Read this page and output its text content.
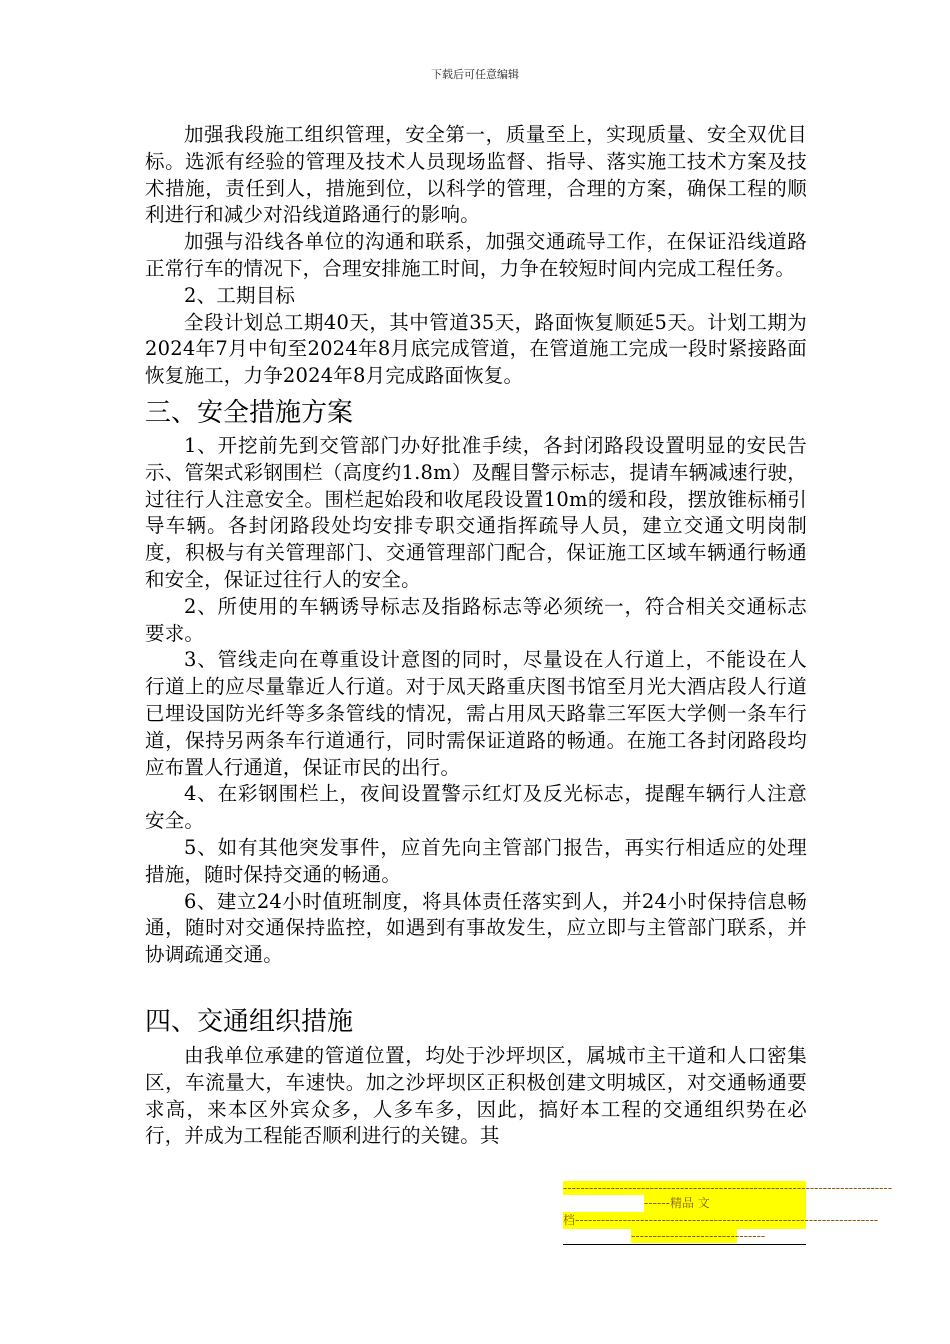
下载后可任意编辑

加强我段施工组织管理，安全第一，质量至上，实现质量、安全双优目标。选派有经验的管理及技术人员现场监督、指导、落实施工技术方案及技术措施，责任到人，措施到位，以科学的管理，合理的方案，确保工程的顺利进行和减少对沿线道路通行的影响。

加强与沿线各单位的沟通和联系，加强交通疏导工作，在保证沿线道路正常行车的情况下，合理安排施工时间，力争在较短时间内完成工程任务。

2、工期目标

全段计划总工期40天，其中管道35天，路面恢复顺延5天。计划工期为2024年7月中旬至2024年8月底完成管道，在管道施工完成一段时紧接路面恢复施工，力争2024年8月完成路面恢复。

三、安全措施方案

1、开挖前先到交管部门办好批准手续，各封闭路段设置明显的安民告示、管架式彩钢围栏（高度约1.8m）及醒目警示标志，提请车辆减速行驶，过往行人注意安全。围栏起始段和收尾段设置10m的缓和段，摆放锥标桶引导车辆。各封闭路段处均安排专职交通指挥疏导人员，建立交通文明岗制度，积极与有关管理部门、交通管理部门配合，保证施工区域车辆通行畅通和安全，保证过往行人的安全。

2、所使用的车辆诱导标志及指路标志等必须统一，符合相关交通标志要求。

3、管线走向在尊重设计意图的同时，尽量设在人行道上，不能设在人行道上的应尽量靠近人行道。对于凤天路重庆图书馆至月光大酒店段人行道已埋设国防光纤等多条管线的情况，需占用凤天路靠三军医大学侧一条车行道，保持另两条车行道通行，同时需保证道路的畅通。在施工各封闭路段均应布置人行通道，保证市民的出行。

4、在彩钢围栏上，夜间设置警示红灯及反光标志，提醒车辆行人注意安全。

5、如有其他突发事件，应首先向主管部门报告，再实行相适应的处理措施，随时保持交通的畅通。

6、建立24小时值班制度，将具体责任落实到人，并24小时保持信息畅通，随时对交通保持监控，如遇到有事故发生，应立即与主管部门联系，并协调疏通交通。

四、交通组织措施

由我单位承建的管道位置，均处于沙坪坝区，属城市主干道和人口密集区，车流量大，车速快。加之沙坪坝区正积极创建文明城区，对交通畅通要求高，来本区外宾众多，人多车多，因此，搞好本工程的交通组织势在必行，并成为工程能否顺利进行的关键。其

----------------------------------------------------------------------------
------精品 文
档----------------------------------------------------------------------
-------------------------------
